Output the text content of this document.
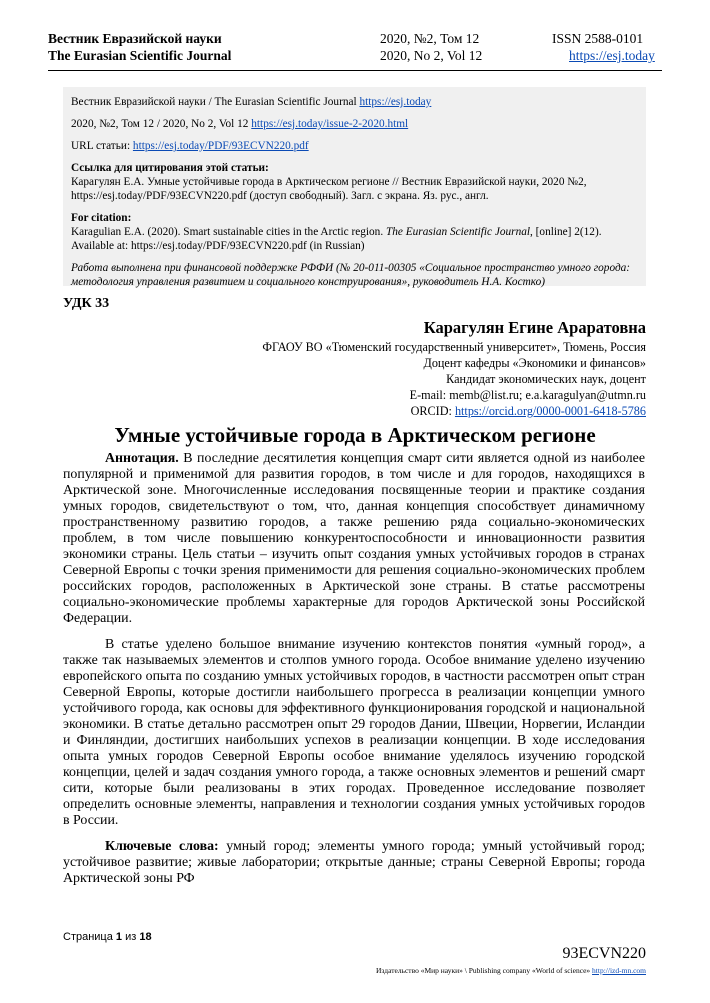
Вестник Евразийской науки
The Eurasian Scientific Journal
2020, №2, Том 12
2020, No 2, Vol 12
ISSN 2588-0101
https://esj.today

Вестник Евразийской науки / The Eurasian Scientific Journal https://esj.today

2020, №2, Том 12 / 2020, No 2, Vol 12 https://esj.today/issue-2-2020.html

URL статьи: https://esj.today/PDF/93ECVN220.pdf

Ссылка для цитирования этой статьи:

Карагулян Е.А. Умные устойчивые города в Арктическом регионе // Вестник Евразийской науки, 2020 №2, https://esj.today/PDF/93ECVN220.pdf (доступ свободный). Загл. с экрана. Яз. рус., англ.

For citation:

Karagulian E.A. (2020). Smart sustainable cities in the Arctic region. The Eurasian Scientific Journal, [online] 2(12). Available at: https://esj.today/PDF/93ECVN220.pdf (in Russian)

Работа выполнена при финансовой поддержке РФФИ (№ 20-011-00305 «Социальное пространство умного города: методология управления развитием и социального конструирования», руководитель Н.А. Костко)

УДК 33
Карагулян Егине Араратовна
ФГАОУ ВО «Тюменский государственный университет», Тюмень, Россия
Доцент кафедры «Экономики и финансов»
Кандидат экономических наук, доцент
E-mail: memb@list.ru; e.a.karagulyan@utmn.ru
ORCID: https://orcid.org/0000-0001-6418-5786
Умные устойчивые города в Арктическом регионе

Аннотация. В последние десятилетия концепция смарт сити является одной из наиболее популярной и применимой для развития городов, в том числе и для городов, находящихся в Арктической зоне. Многочисленные исследования посвященные теории и практике создания умных городов, свидетельствуют о том, что, данная концепция способствует динамичному пространственному развитию городов, а также решению ряда социально-экономических проблем, в том числе повышению конкурентоспособности и инновационности развития экономики страны. Цель статьи – изучить опыт создания умных устойчивых городов в странах Северной Европы с точки зрения применимости для решения социально-экономических проблем российских городов, расположенных в Арктической зоне страны. В статье рассмотрены социально-экономические проблемы характерные для городов Арктической зоны Российской Федерации.

В статье уделено большое внимание изучению контекстов понятия «умный город», а также так называемых элементов и столпов умного города. Особое внимание уделено изучению европейского опыта по созданию умных устойчивых городов, в частности рассмотрен опыт стран Северной Европы, которые достигли наибольшего прогресса в реализации концепции умного устойчивого города, как основы для эффективного функционирования городской и национальной экономики. В статье детально рассмотрен опыт 29 городов Дании, Швеции, Норвегии, Исландии и Финляндии, достигших наибольших успехов в реализации концепции. В ходе исследования опыта умных городов Северной Европы особое внимание уделялось изучению городской концепции, целей и задач создания умного города, а также основных элементов и решений смарт сити, которые были реализованы в этих городах. Проведенное исследование позволяет определить основные элементы, направления и технологии создания умных устойчивых городов в России.

Ключевые слова: умный город; элементы умного города; умный устойчивый город; устойчивое развитие; живые лаборатории; открытые данные; страны Северной Европы; города Арктической зоны РФ

Страница 1 из 18
93ECVN220
Издательство «Мир науки» \ Publishing company «World of science» http://izd-mn.com
